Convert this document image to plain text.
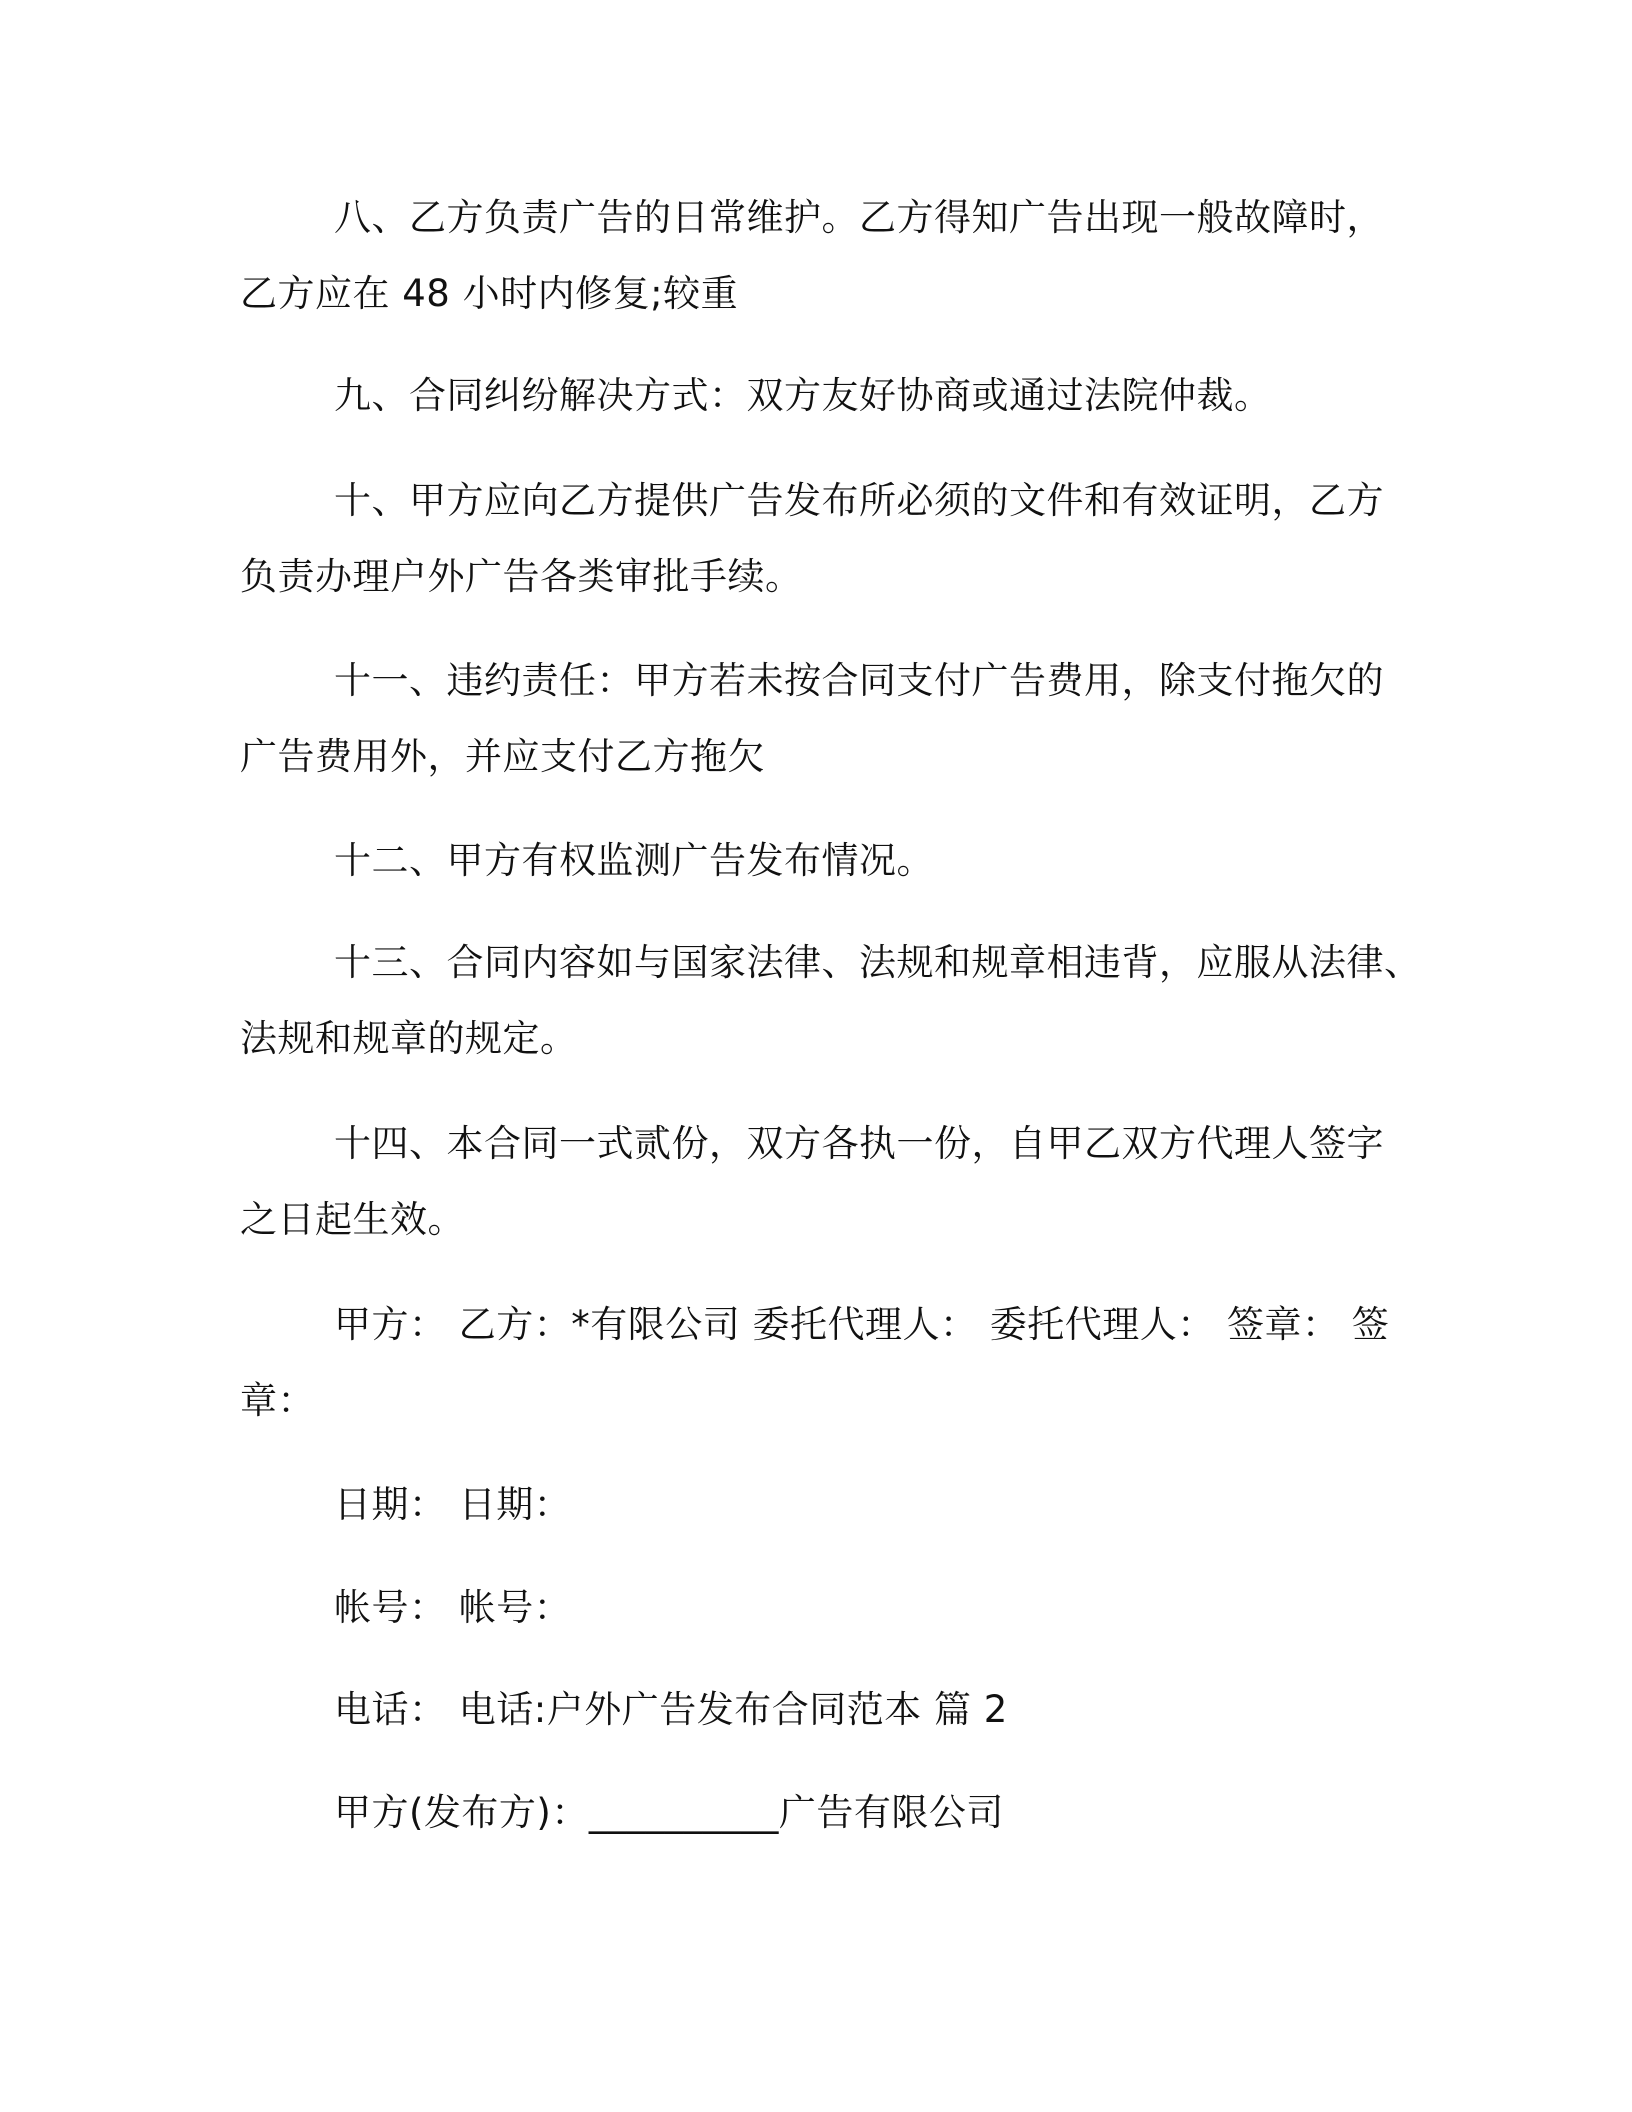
八、乙方负责广告的日常维护。乙方得知广告出现一般故障时，
乙方应在 48 小时内修复;较重
九、合同纠纷解决方式：双方友好协商或通过法院仲裁。
十、甲方应向乙方提供广告发布所必须的文件和有效证明，乙方
负责办理户外广告各类审批手续。
十一、违约责任：甲方若未按合同支付广告费用，除支付拖欠的
广告费用外，并应支付乙方拖欠
十二、甲方有权监测广告发布情况。
十三、合同内容如与国家法律、法规和规章相违背，应服从法律、
法规和规章的规定。
十四、本合同一式贰份，双方各执一份，自甲乙双方代理人签字
之日起生效。
甲方： 乙方：*有限公司 委托代理人： 委托代理人： 签章： 签
章：
日期： 日期：
帐号： 帐号：
电话： 电话:户外广告发布合同范本 篇 2
甲方(发布方)：__________广告有限公司
